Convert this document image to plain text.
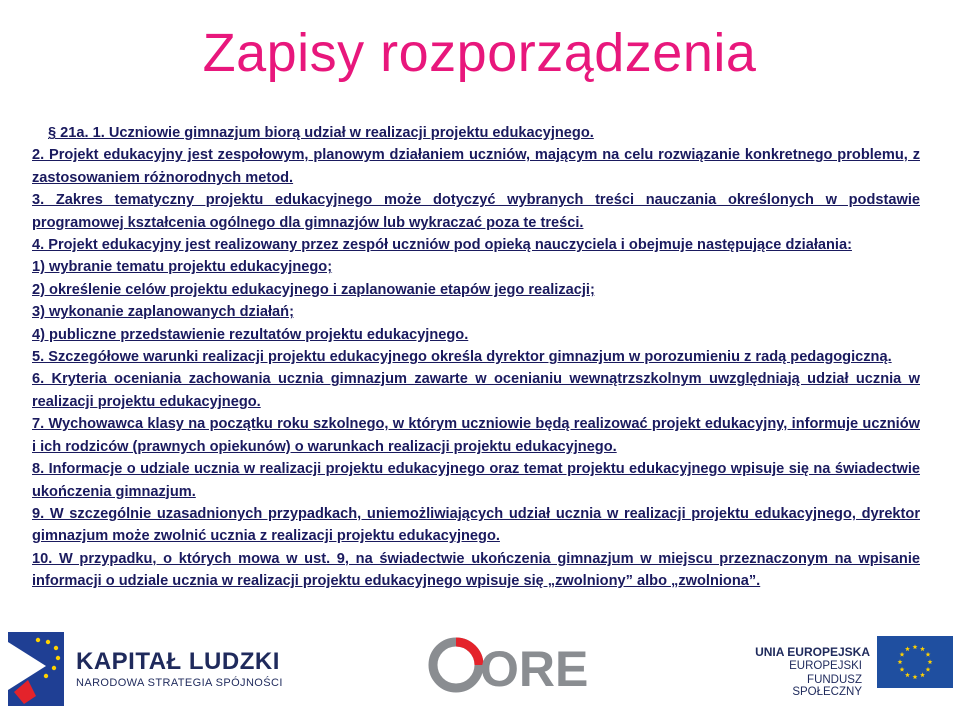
Zapisy rozporządzenia

§ 21a. 1. Uczniowie gimnazjum biorą udział w realizacji projektu edukacyjnego.

2. Projekt edukacyjny jest zespołowym, planowym działaniem uczniów, mającym na celu rozwiązanie konkretnego problemu, z zastosowaniem różnorodnych metod.

3. Zakres tematyczny projektu edukacyjnego może dotyczyć wybranych treści nauczania określonych w podstawie programowej kształcenia ogólnego dla gimnazjów lub wykraczać poza te treści.

4. Projekt edukacyjny jest realizowany przez zespół uczniów pod opieką nauczyciela i obejmuje następujące działania:

1) wybranie tematu projektu edukacyjnego;

2) określenie celów projektu edukacyjnego i zaplanowanie etapów jego realizacji;

3) wykonanie zaplanowanych działań;

4) publiczne przedstawienie rezultatów projektu edukacyjnego.

5. Szczegółowe warunki realizacji projektu edukacyjnego określa dyrektor gimnazjum w porozumieniu z radą pedagogiczną.

6. Kryteria oceniania zachowania ucznia gimnazjum zawarte w ocenianiu wewnątrzszkolnym uwzględniają udział ucznia w realizacji projektu edukacyjnego.

7. Wychowawca klasy na początku roku szkolnego, w którym uczniowie będą realizować projekt edukacyjny, informuje uczniów i ich rodziców (prawnych opiekunów) o warunkach realizacji projektu edukacyjnego.

8. Informacje o udziale ucznia w realizacji projektu edukacyjnego oraz temat projektu edukacyjnego wpisuje się na świadectwie ukończenia gimnazjum.

9. W szczególnie uzasadnionych przypadkach, uniemożliwiających udział ucznia w realizacji projektu edukacyjnego, dyrektor gimnazjum może zwolnić ucznia z realizacji projektu edukacyjnego.

10. W przypadku, o których mowa w ust. 9, na świadectwie ukończenia gimnazjum w miejscu przeznaczonym na wpisanie informacji o udziale ucznia w realizacji projektu edukacyjnego wpisuje się „zwolniony” albo „zwolniona”.

KAPITAŁ LUDZKI
NARODOWA STRATEGIA SPÓJNOŚCI	ORE	UNIA EUROPEJSKA
EUROPEJSKI
FUNDUSZ SPOŁECZNY
